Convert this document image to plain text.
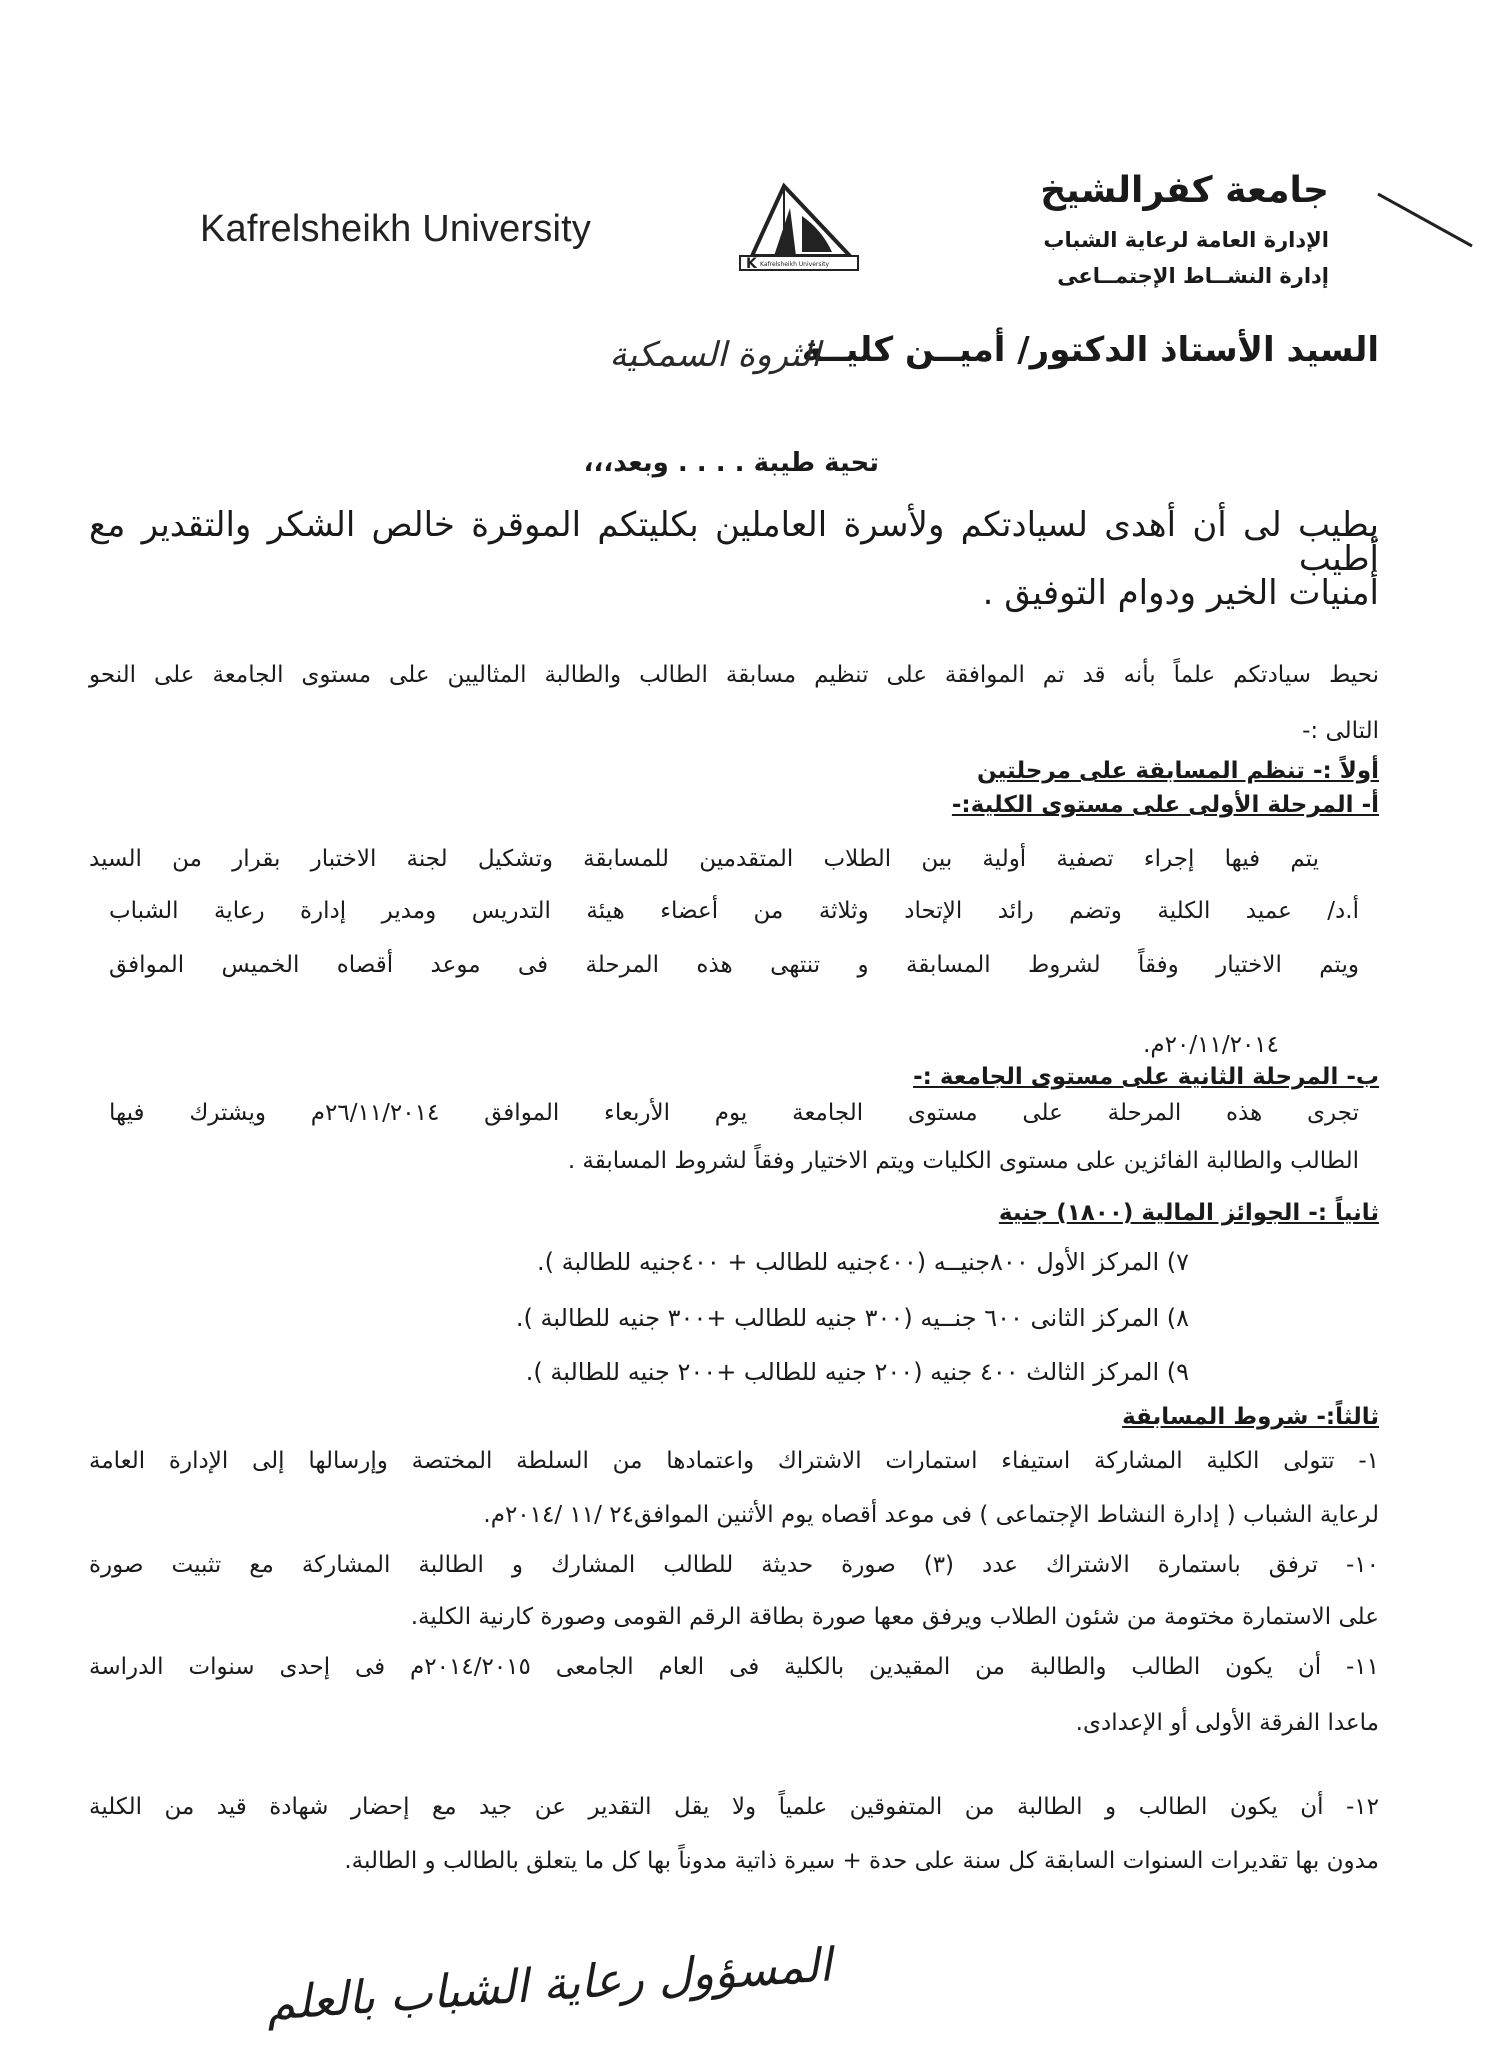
Kafrelsheikh University
K Kafrelsheikh University
جامعة كفرالشيخ
الإدارة العامة لرعاية الشباب
إدارة النشــاط الإجتمــاعى
السيد الأستاذ الدكتور/ أميــن كليــة
الثروة السمكية
تحية طيبة . . . . وبعد،،،
يطيب لى أن أهدى لسيادتكم ولأسرة العاملين بكليتكم الموقرة خالص الشكر والتقدير مع أطيب
أمنيات الخير ودوام التوفيق .
نحيط سيادتكم علماً بأنه قد تم الموافقة على تنظيم مسابقة الطالب والطالبة المثاليين على مستوى الجامعة على النحو
التالى :-
أولاً :- تنظم المسابقة على مرحلتين
أ- المرحلة الأولى على مستوى الكلية:-
يتم فيها إجراء تصفية أولية بين الطلاب المتقدمين للمسابقة وتشكيل لجنة الاختبار بقرار من السيد
أ.د/ عميد الكلية وتضم رائد الإتحاد وثلاثة من أعضاء هيئة التدريس ومدير إدارة رعاية الشباب
ويتم الاختيار وفقاً لشروط المسابقة و تنتهى هذه المرحلة فى موعد أقصاه الخميس الموافق
٢٠/١١/٢٠١٤م.
ب- المرحلة الثانية على مستوى الجامعة :-
تجرى هذه المرحلة على مستوى الجامعة يوم الأربعاء الموافق ٢٦/١١/٢٠١٤م ويشترك فيها
الطالب والطالبة الفائزين على مستوى الكليات ويتم الاختيار وفقاً لشروط المسابقة .
ثانياً :- الجوائز المالية (١٨٠٠) جنية
٧) المركز الأول ٨٠٠جنيــه (٤٠٠جنيه للطالب + ٤٠٠جنيه للطالبة ).
٨) المركز الثانى ٦٠٠ جنــيه (٣٠٠ جنيه للطالب +٣٠٠ جنيه للطالبة ).
٩) المركز الثالث ٤٠٠ جنيه (٢٠٠ جنيه للطالب +٢٠٠ جنيه للطالبة ).
ثالثاً:- شروط المسابقة
١- تتولى الكلية المشاركة استيفاء استمارات الاشتراك واعتمادها من السلطة المختصة وإرسالها إلى الإدارة العامة
لرعاية الشباب ( إدارة النشاط الإجتماعى ) فى موعد أقصاه يوم الأثنين الموافق٢٤ /١١ /٢٠١٤م.
١٠- ترفق باستمارة الاشتراك عدد (٣) صورة حديثة للطالب المشارك و الطالبة المشاركة مع تثبيت صورة
على الاستمارة مختومة من شئون الطلاب ويرفق معها صورة بطاقة الرقم القومى وصورة كارنية الكلية.
١١- أن يكون الطالب والطالبة من المقيدين بالكلية فى العام الجامعى ٢٠١٤/٢٠١٥م فى إحدى سنوات الدراسة
ماعدا الفرقة الأولى أو الإعدادى.
١٢- أن يكون الطالب و الطالبة من المتفوقين علمياً ولا يقل التقدير عن جيد مع إحضار شهادة قيد من الكلية
مدون بها تقديرات السنوات السابقة كل سنة على حدة + سيرة ذاتية مدوناً بها كل ما يتعلق بالطالب و الطالبة.
المسؤول رعاية الشباب بالعلم
